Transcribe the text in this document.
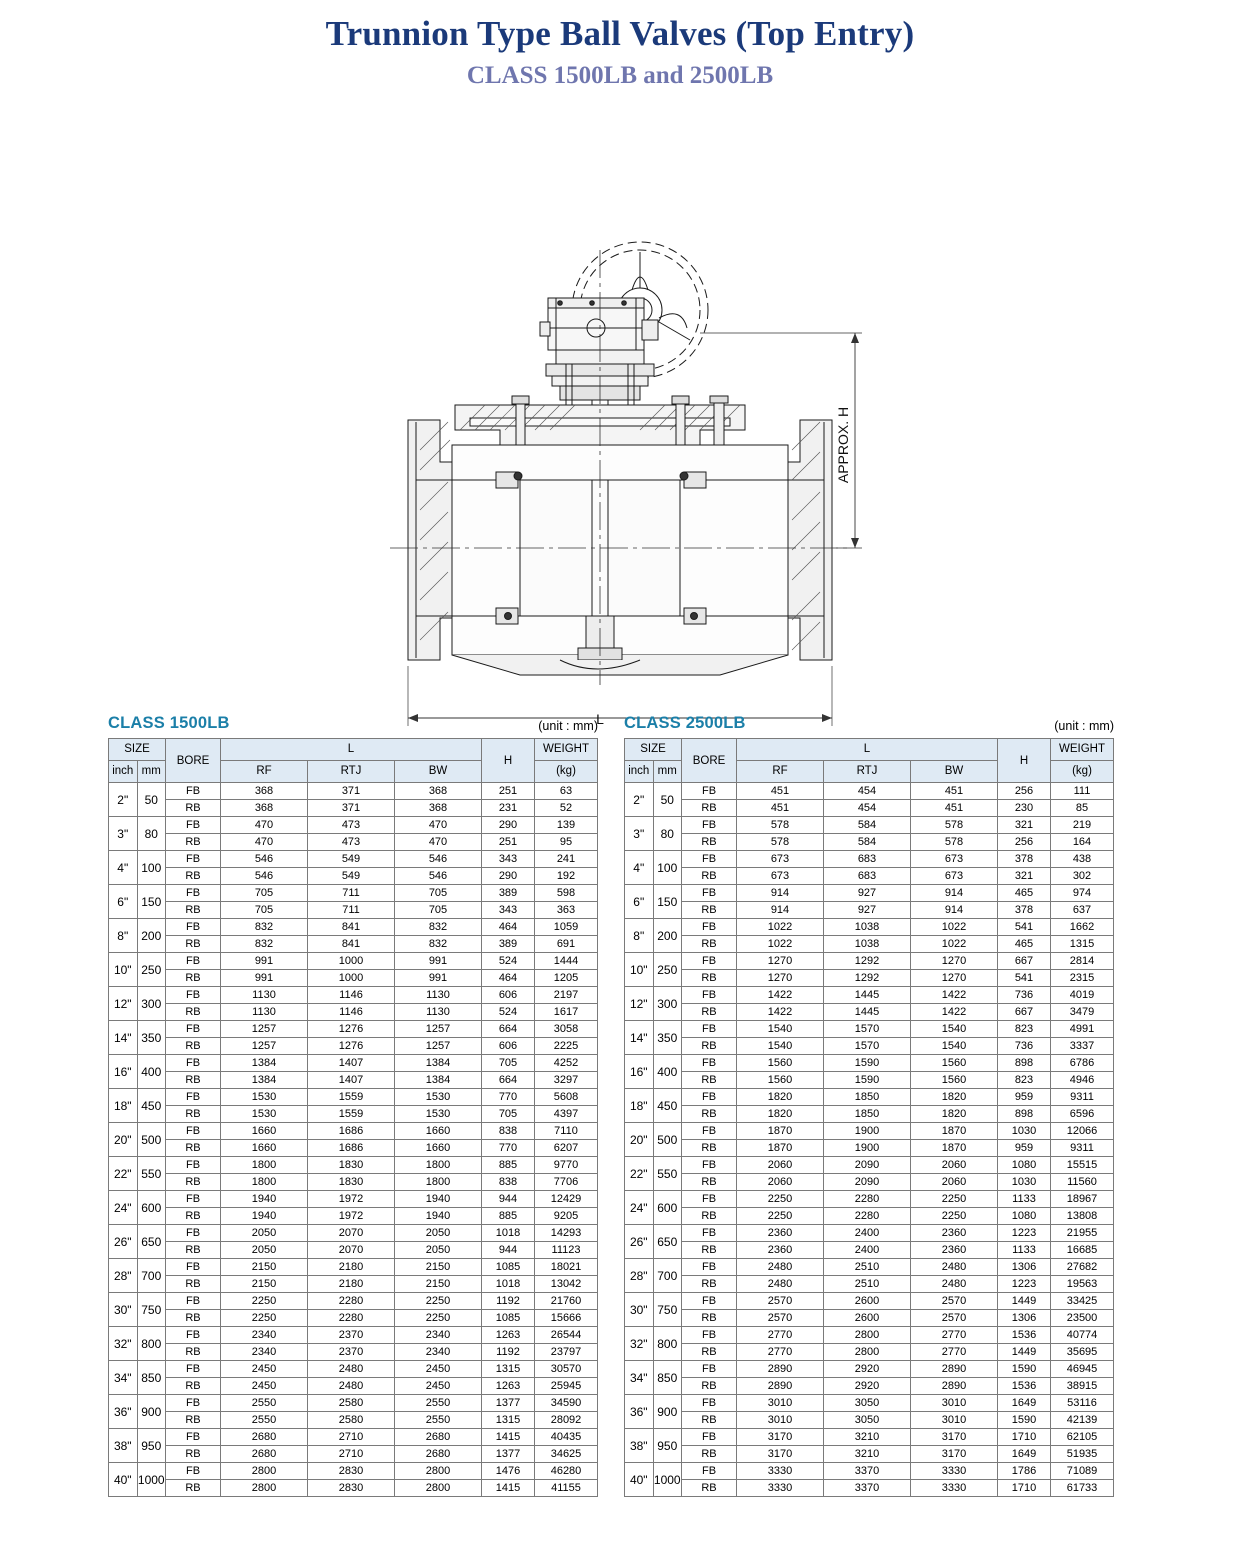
Trunnion Type Ball Valves (Top Entry)
CLASS 1500LB and 2500LB
APPROX. H
L
CLASS 1500LB	(unit : mm)
SIZE		BORE	L			H	WEIGHT
inch	mm		RF	RTJ	BW		(kg)
2"	50	FB	368	371	368	251	63
		RB	368	371	368	231	52
3"	80	FB	470	473	470	290	139
		RB	470	473	470	251	95
4"	100	FB	546	549	546	343	241
		RB	546	549	546	290	192
6"	150	FB	705	711	705	389	598
		RB	705	711	705	343	363
8"	200	FB	832	841	832	464	1059
		RB	832	841	832	389	691
10"	250	FB	991	1000	991	524	1444
		RB	991	1000	991	464	1205
12"	300	FB	1130	1146	1130	606	2197
		RB	1130	1146	1130	524	1617
14"	350	FB	1257	1276	1257	664	3058
		RB	1257	1276	1257	606	2225
16"	400	FB	1384	1407	1384	705	4252
		RB	1384	1407	1384	664	3297
18"	450	FB	1530	1559	1530	770	5608
		RB	1530	1559	1530	705	4397
20"	500	FB	1660	1686	1660	838	7110
		RB	1660	1686	1660	770	6207
22"	550	FB	1800	1830	1800	885	9770
		RB	1800	1830	1800	838	7706
24"	600	FB	1940	1972	1940	944	12429
		RB	1940	1972	1940	885	9205
26"	650	FB	2050	2070	2050	1018	14293
		RB	2050	2070	2050	944	11123
28"	700	FB	2150	2180	2150	1085	18021
		RB	2150	2180	2150	1018	13042
30"	750	FB	2250	2280	2250	1192	21760
		RB	2250	2280	2250	1085	15666
32"	800	FB	2340	2370	2340	1263	26544
		RB	2340	2370	2340	1192	23797
34"	850	FB	2450	2480	2450	1315	30570
		RB	2450	2480	2450	1263	25945
36"	900	FB	2550	2580	2550	1377	34590
		RB	2550	2580	2550	1315	28092
38"	950	FB	2680	2710	2680	1415	40435
		RB	2680	2710	2680	1377	34625
40"	1000	FB	2800	2830	2800	1476	46280
		RB	2800	2830	2800	1415	41155
CLASS 2500LB	(unit : mm)
SIZE		BORE	L			H	WEIGHT
inch	mm		RF	RTJ	BW		(kg)
2"	50	FB	451	454	451	256	111
		RB	451	454	451	230	85
3"	80	FB	578	584	578	321	219
		RB	578	584	578	256	164
4"	100	FB	673	683	673	378	438
		RB	673	683	673	321	302
6"	150	FB	914	927	914	465	974
		RB	914	927	914	378	637
8"	200	FB	1022	1038	1022	541	1662
		RB	1022	1038	1022	465	1315
10"	250	FB	1270	1292	1270	667	2814
		RB	1270	1292	1270	541	2315
12"	300	FB	1422	1445	1422	736	4019
		RB	1422	1445	1422	667	3479
14"	350	FB	1540	1570	1540	823	4991
		RB	1540	1570	1540	736	3337
16"	400	FB	1560	1590	1560	898	6786
		RB	1560	1590	1560	823	4946
18"	450	FB	1820	1850	1820	959	9311
		RB	1820	1850	1820	898	6596
20"	500	FB	1870	1900	1870	1030	12066
		RB	1870	1900	1870	959	9311
22"	550	FB	2060	2090	2060	1080	15515
		RB	2060	2090	2060	1030	11560
24"	600	FB	2250	2280	2250	1133	18967
		RB	2250	2280	2250	1080	13808
26"	650	FB	2360	2400	2360	1223	21955
		RB	2360	2400	2360	1133	16685
28"	700	FB	2480	2510	2480	1306	27682
		RB	2480	2510	2480	1223	19563
30"	750	FB	2570	2600	2570	1449	33425
		RB	2570	2600	2570	1306	23500
32"	800	FB	2770	2800	2770	1536	40774
		RB	2770	2800	2770	1449	35695
34"	850	FB	2890	2920	2890	1590	46945
		RB	2890	2920	2890	1536	38915
36"	900	FB	3010	3050	3010	1649	53116
		RB	3010	3050	3010	1590	42139
38"	950	FB	3170	3210	3170	1710	62105
		RB	3170	3210	3170	1649	51935
40"	1000	FB	3330	3370	3330	1786	71089
		RB	3330	3370	3330	1710	61733
